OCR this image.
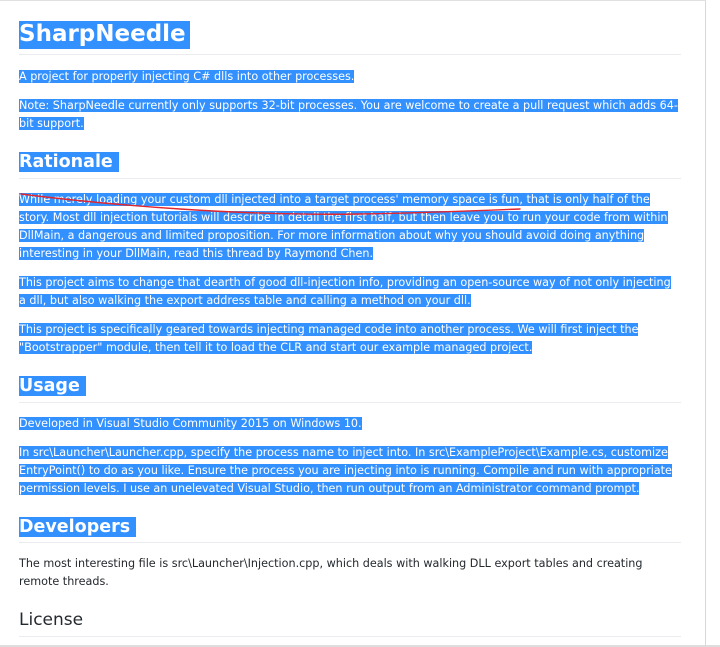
SharpNeedle

A project for properly injecting C# dlls into other processes.

Note: SharpNeedle currently only supports 32-bit processes. You are welcome to create a pull request which adds 64-bit support.

Rationale

While merely loading your custom dll injected into a target process' memory space is fun, that is only half of the story. Most dll injection tutorials will describe in detail the first half, but then leave you to run your code from within DllMain, a dangerous and limited proposition. For more information about why you should avoid doing anything interesting in your DllMain, read this thread by Raymond Chen.

This project aims to change that dearth of good dll-injection info, providing an open-source way of not only injecting a dll, but also walking the export address table and calling a method on your dll.

This project is specifically geared towards injecting managed code into another process. We will first inject the "Bootstrapper" module, then tell it to load the CLR and start our example managed project.

Usage

Developed in Visual Studio Community 2015 on Windows 10.

In src\Launcher\Launcher.cpp, specify the process name to inject into. In src\ExampleProject\Example.cs, customize EntryPoint() to do as you like. Ensure the process you are injecting into is running. Compile and run with appropriate permission levels. I use an unelevated Visual Studio, then run output from an Administrator command prompt.

Developers

The most interesting file is src\Launcher\Injection.cpp, which deals with walking DLL export tables and creating remote threads.

License
